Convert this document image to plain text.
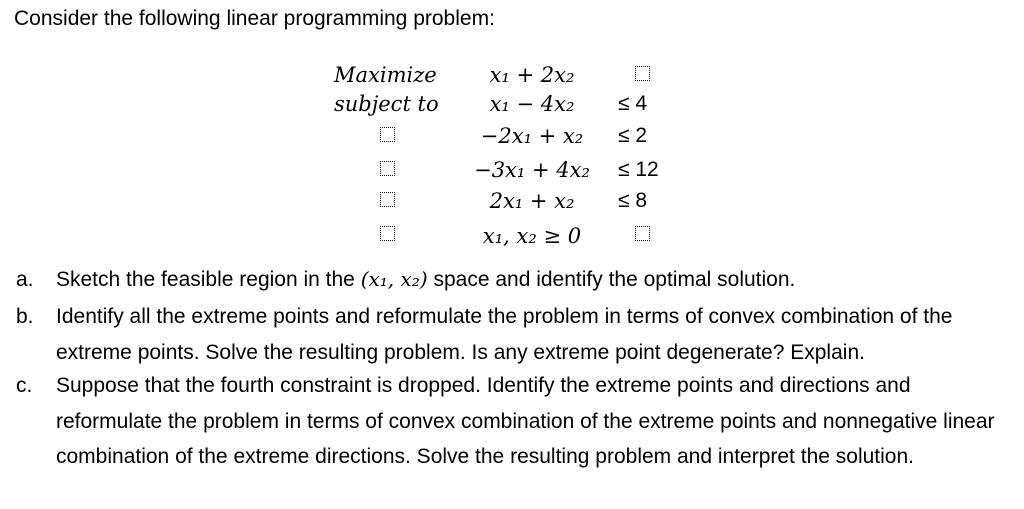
Consider the following linear programming problem:
Maximize
subject to
x₁ + 2x₂
x₁ − 4x₂
−2x₁ + x₂
−3x₁ + 4x₂
2x₁ + x₂
x₁, x₂ ≥ 0
≤ 4
≤ 2
≤ 12
≤ 8
a. Sketch the feasible region in the (x₁, x₂) space and identify the optimal solution.
b. Identify all the extreme points and reformulate the problem in terms of convex combination of the extreme points. Solve the resulting problem. Is any extreme point degenerate? Explain.
c. Suppose that the fourth constraint is dropped. Identify the extreme points and directions and reformulate the problem in terms of convex combination of the extreme points and nonnegative linear combination of the extreme directions. Solve the resulting problem and interpret the solution.
